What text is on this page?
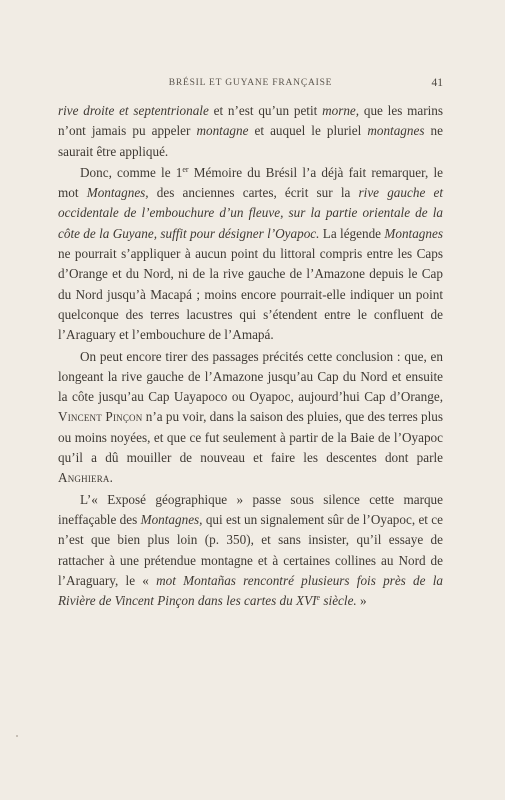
BRÉSIL ET GUYANE FRANÇAISE	41

rive droite et septentrionale et n’est qu’un petit morne, que les marins n’ont jamais pu appeler montagne et auquel le pluriel montagnes ne saurait être appliqué.

Donc, comme le 1er Mémoire du Brésil l’a déjà fait remarquer, le mot Montagnes, des anciennes cartes, écrit sur la rive gauche et occidentale de l’embouchure d’un fleuve, sur la partie orientale de la côte de la Guyane, suffit pour désigner l’Oyapoc. La légende Montagnes ne pourrait s’appliquer à aucun point du littoral compris entre les Caps d’Orange et du Nord, ni de la rive gauche de l’Amazone depuis le Cap du Nord jusqu’à Macapá ; moins encore pourrait-elle indiquer un point quelconque des terres lacustres qui s’étendent entre le confluent de l’Araguary et l’embouchure de l’Amapá.

On peut encore tirer des passages précités cette conclusion : que, en longeant la rive gauche de l’Amazone jusqu’au Cap du Nord et ensuite la côte jusqu’au Cap Uayapoco ou Oyapoc, aujourd’hui Cap d’Orange, Vincent Pinçon n’a pu voir, dans la saison des pluies, que des terres plus ou moins noyées, et que ce fut seulement à partir de la Baie de l’Oyapoc qu’il a dû mouiller de nouveau et faire les descentes dont parle Anghiera.

L’« Exposé géographique » passe sous silence cette marque ineffaçable des Montagnes, qui est un signalement sûr de l’Oyapoc, et ce n’est que bien plus loin (p. 350), et sans insister, qu’il essaye de rattacher à une prétendue montagne et à certaines collines au Nord de l’Araguary, le « mot Montañas rencontré plusieurs fois près de la Rivière de Vincent Pinçon dans les cartes du XVIe siècle. »
